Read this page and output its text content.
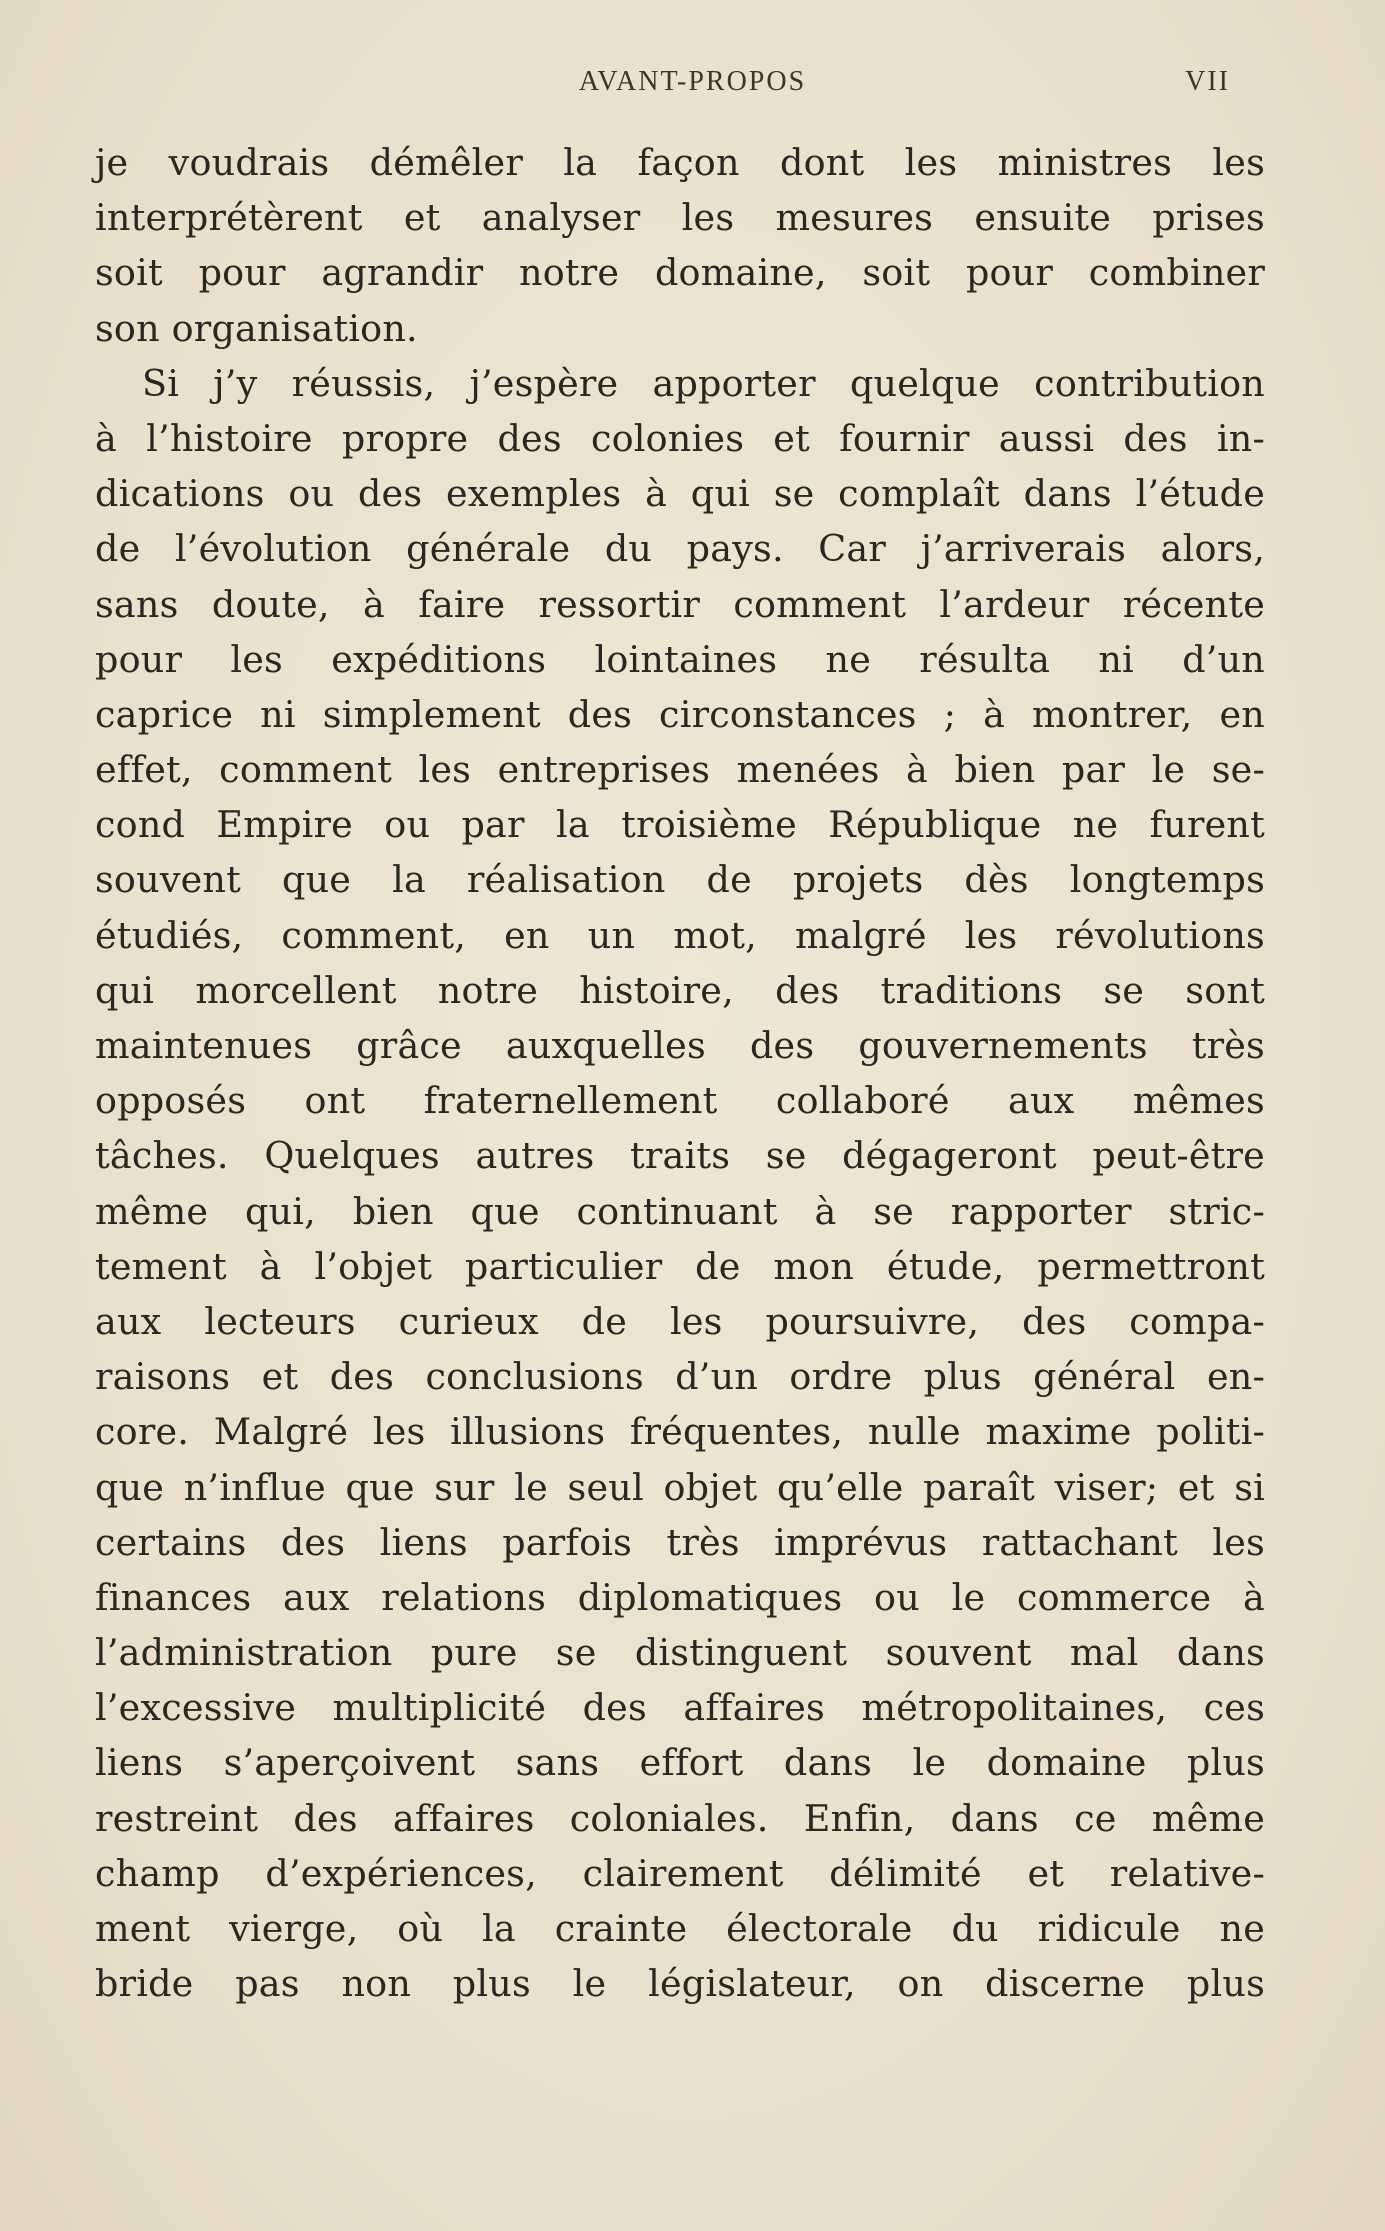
AVANT-PROPOS	VII
je voudrais démêler la façon dont les ministres les
interprétèrent et analyser les mesures ensuite prises
soit pour agrandir notre domaine, soit pour combiner
son organisation.
Si j’y réussis, j’espère apporter quelque contribution
à l’histoire propre des colonies et fournir aussi des in-
dications ou des exemples à qui se complaît dans l’étude
de l’évolution générale du pays. Car j’arriverais alors,
sans doute, à faire ressortir comment l’ardeur récente
pour les expéditions lointaines ne résulta ni d’un
caprice ni simplement des circonstances ; à montrer, en
effet, comment les entreprises menées à bien par le se-
cond Empire ou par la troisième République ne furent
souvent que la réalisation de projets dès longtemps
étudiés, comment, en un mot, malgré les révolutions
qui morcellent notre histoire, des traditions se sont
maintenues grâce auxquelles des gouvernements très
opposés ont fraternellement collaboré aux mêmes
tâches. Quelques autres traits se dégageront peut-être
même qui, bien que continuant à se rapporter stric-
tement à l’objet particulier de mon étude, permettront
aux lecteurs curieux de les poursuivre, des compa-
raisons et des conclusions d’un ordre plus général en-
core. Malgré les illusions fréquentes, nulle maxime politi-
que n’influe que sur le seul objet qu’elle paraît viser; et si
certains des liens parfois très imprévus rattachant les
finances aux relations diplomatiques ou le commerce à
l’administration pure se distinguent souvent mal dans
l’excessive multiplicité des affaires métropolitaines, ces
liens s’aperçoivent sans effort dans le domaine plus
restreint des affaires coloniales. Enfin, dans ce même
champ d’expériences, clairement délimité et relative-
ment vierge, où la crainte électorale du ridicule ne
bride pas non plus le législateur, on discerne plus
